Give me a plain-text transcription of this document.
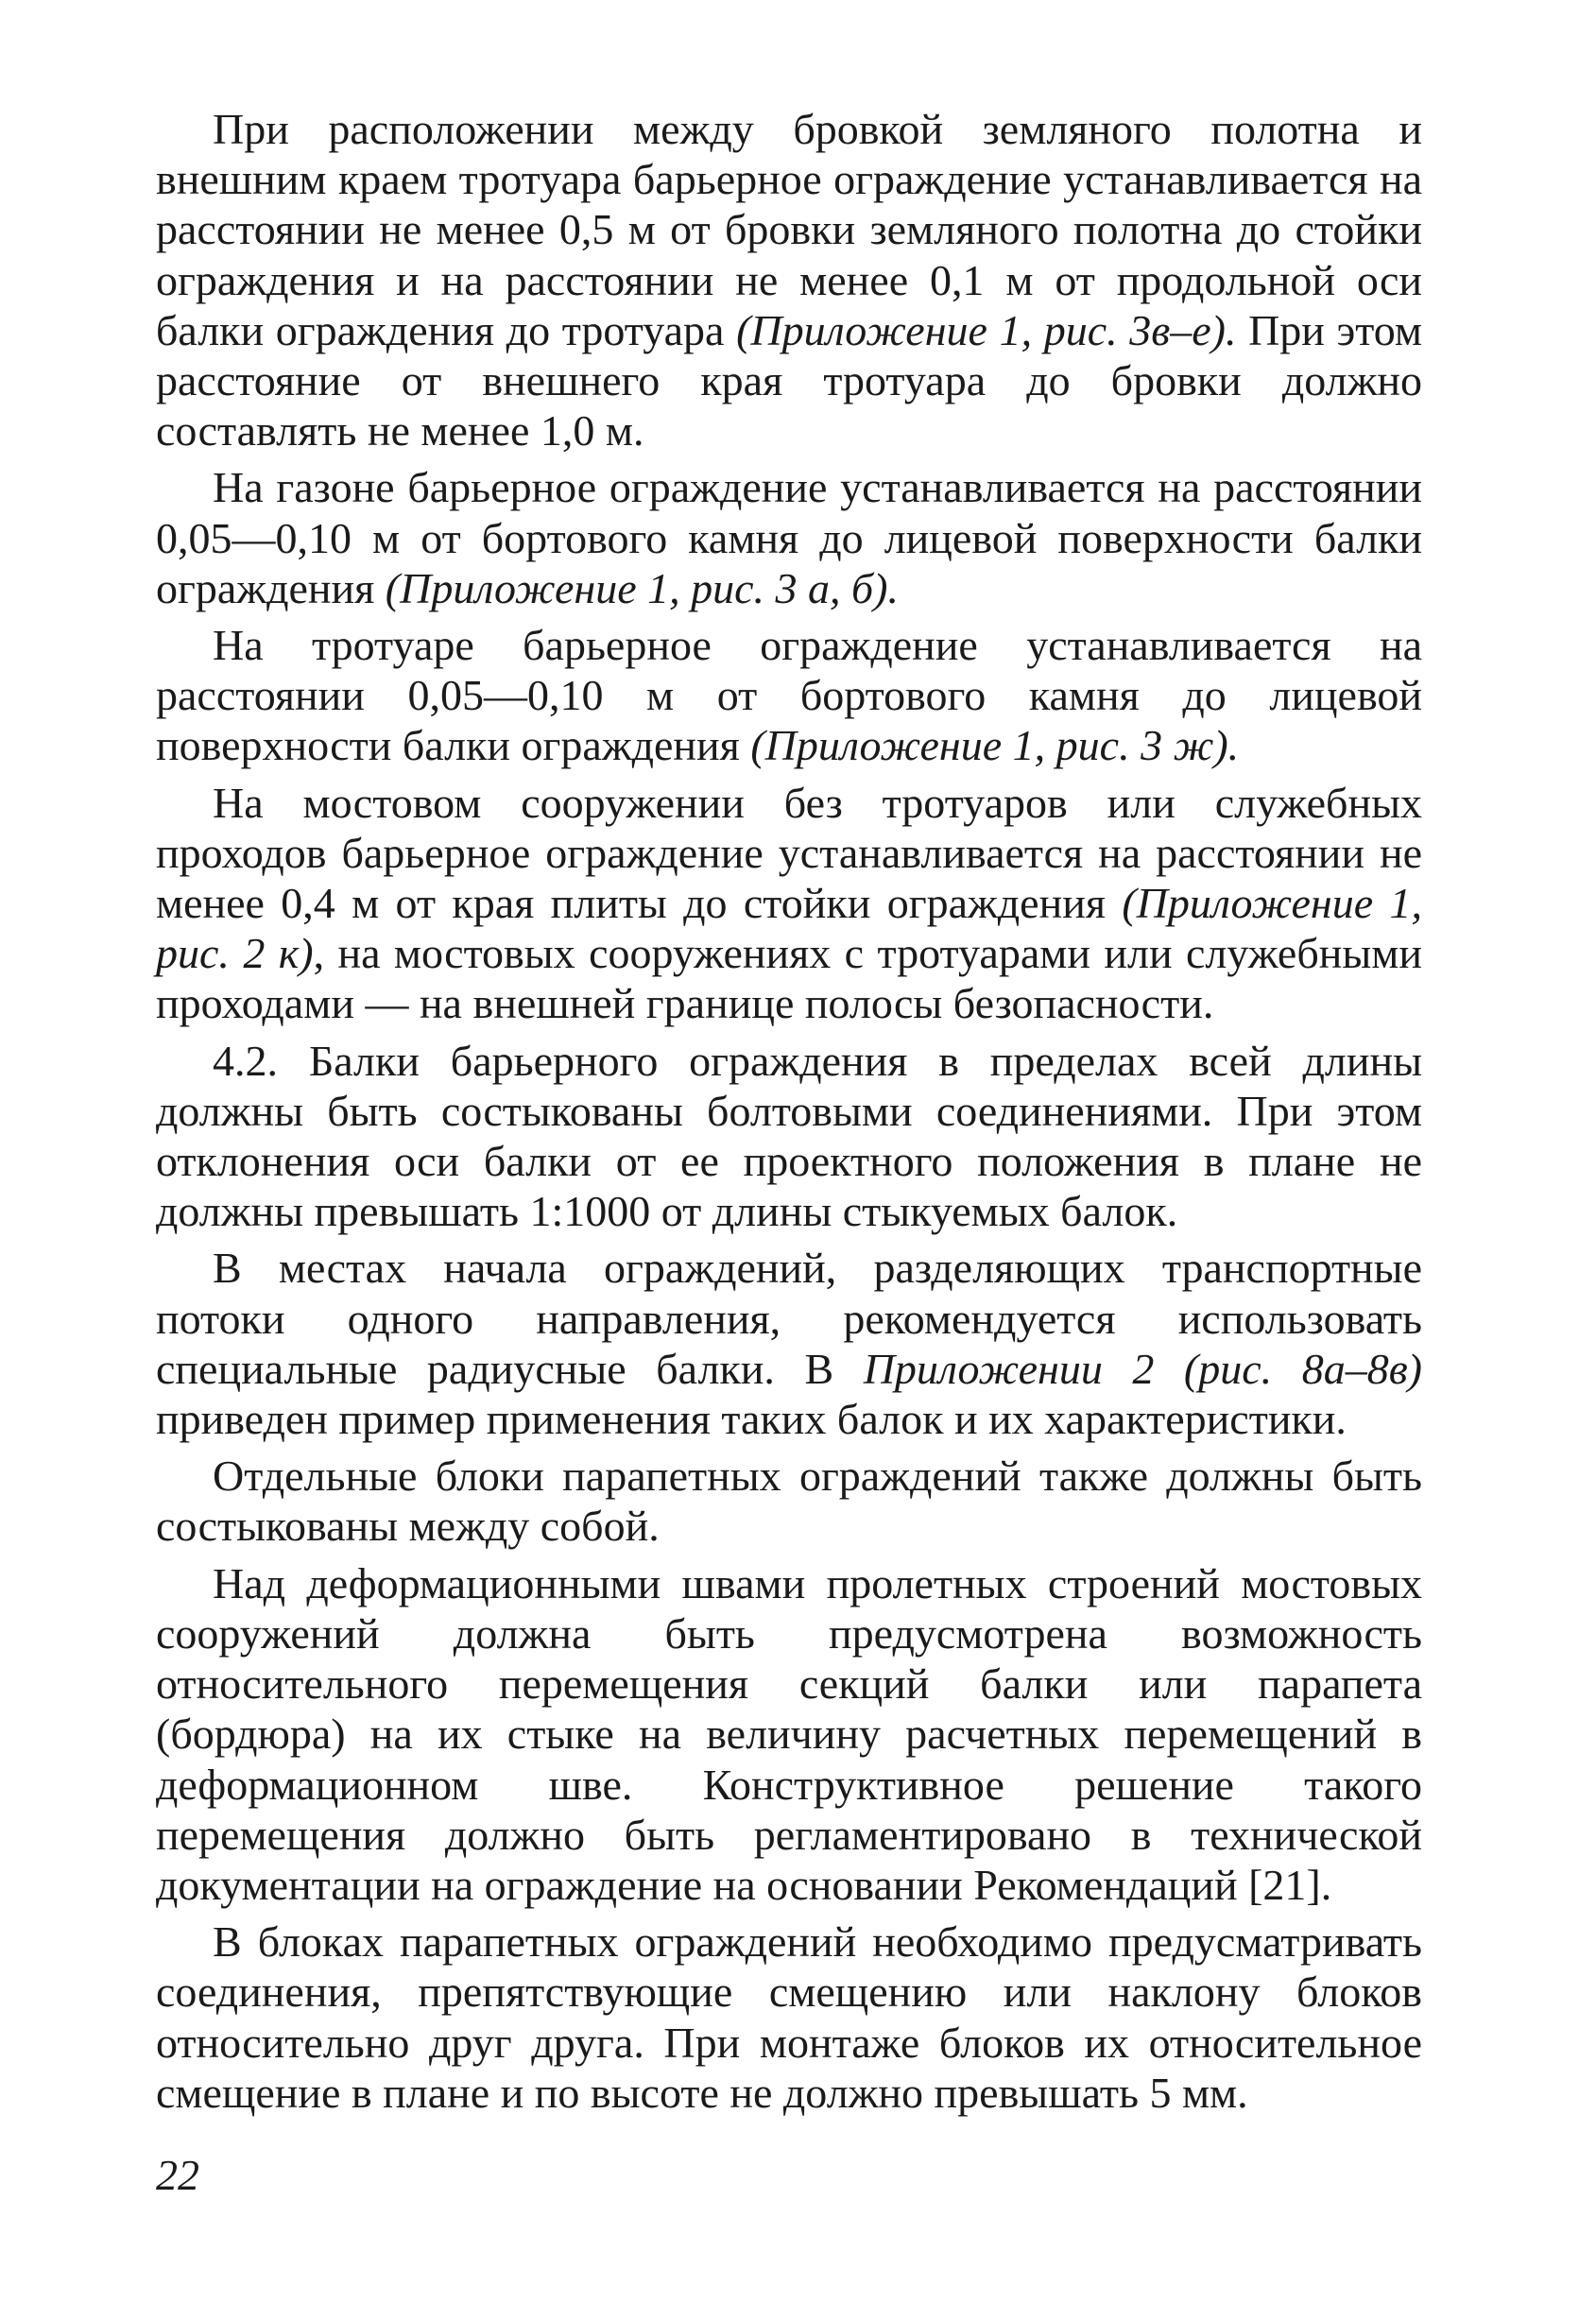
При расположении между бровкой земляного полотна и внешним краем тротуара барьерное ограждение устанавливается на расстоянии не менее 0,5 м от бровки земляного полотна до стойки ограждения и на расстоянии не менее 0,1 м от продольной оси балки ограждения до тротуара (Приложение 1, рис. 3в–е). При этом расстояние от внешнего края тротуара до бровки должно составлять не менее 1,0 м.

На газоне барьерное ограждение устанавливается на расстоянии 0,05—0,10 м от бортового камня до лицевой поверхности балки ограждения (Приложение 1, рис. 3 а, б).

На тротуаре барьерное ограждение устанавливается на расстоянии 0,05—0,10 м от бортового камня до лицевой поверхности балки ограждения (Приложение 1, рис. 3 ж).

На мостовом сооружении без тротуаров или служебных проходов барьерное ограждение устанавливается на расстоянии не менее 0,4 м от края плиты до стойки ограждения (Приложение 1, рис. 2 к), на мостовых сооружениях с тротуарами или служебными проходами — на внешней границе полосы безопасности.

4.2. Балки барьерного ограждения в пределах всей длины должны быть состыкованы болтовыми соединениями. При этом отклонения оси балки от ее проектного положения в плане не должны превышать 1:1000 от длины стыкуемых балок.

В местах начала ограждений, разделяющих транспортные потоки одного направления, рекомендуется использовать специальные радиусные балки. В Приложении 2 (рис. 8а–8в) приведен пример применения таких балок и их характеристики.

Отдельные блоки парапетных ограждений также должны быть состыкованы между собой.

Над деформационными швами пролетных строений мостовых сооружений должна быть предусмотрена возможность относительного перемещения секций балки или парапета (бордюра) на их стыке на величину расчетных перемещений в деформационном шве. Конструктивное решение такого перемещения должно быть регламентировано в технической документации на ограждение на основании Рекомендаций [21].

В блоках парапетных ограждений необходимо предусматривать соединения, препятствующие смещению или наклону блоков относительно друг друга. При монтаже блоков их относительное смещение в плане и по высоте не должно превышать 5 мм.

22
